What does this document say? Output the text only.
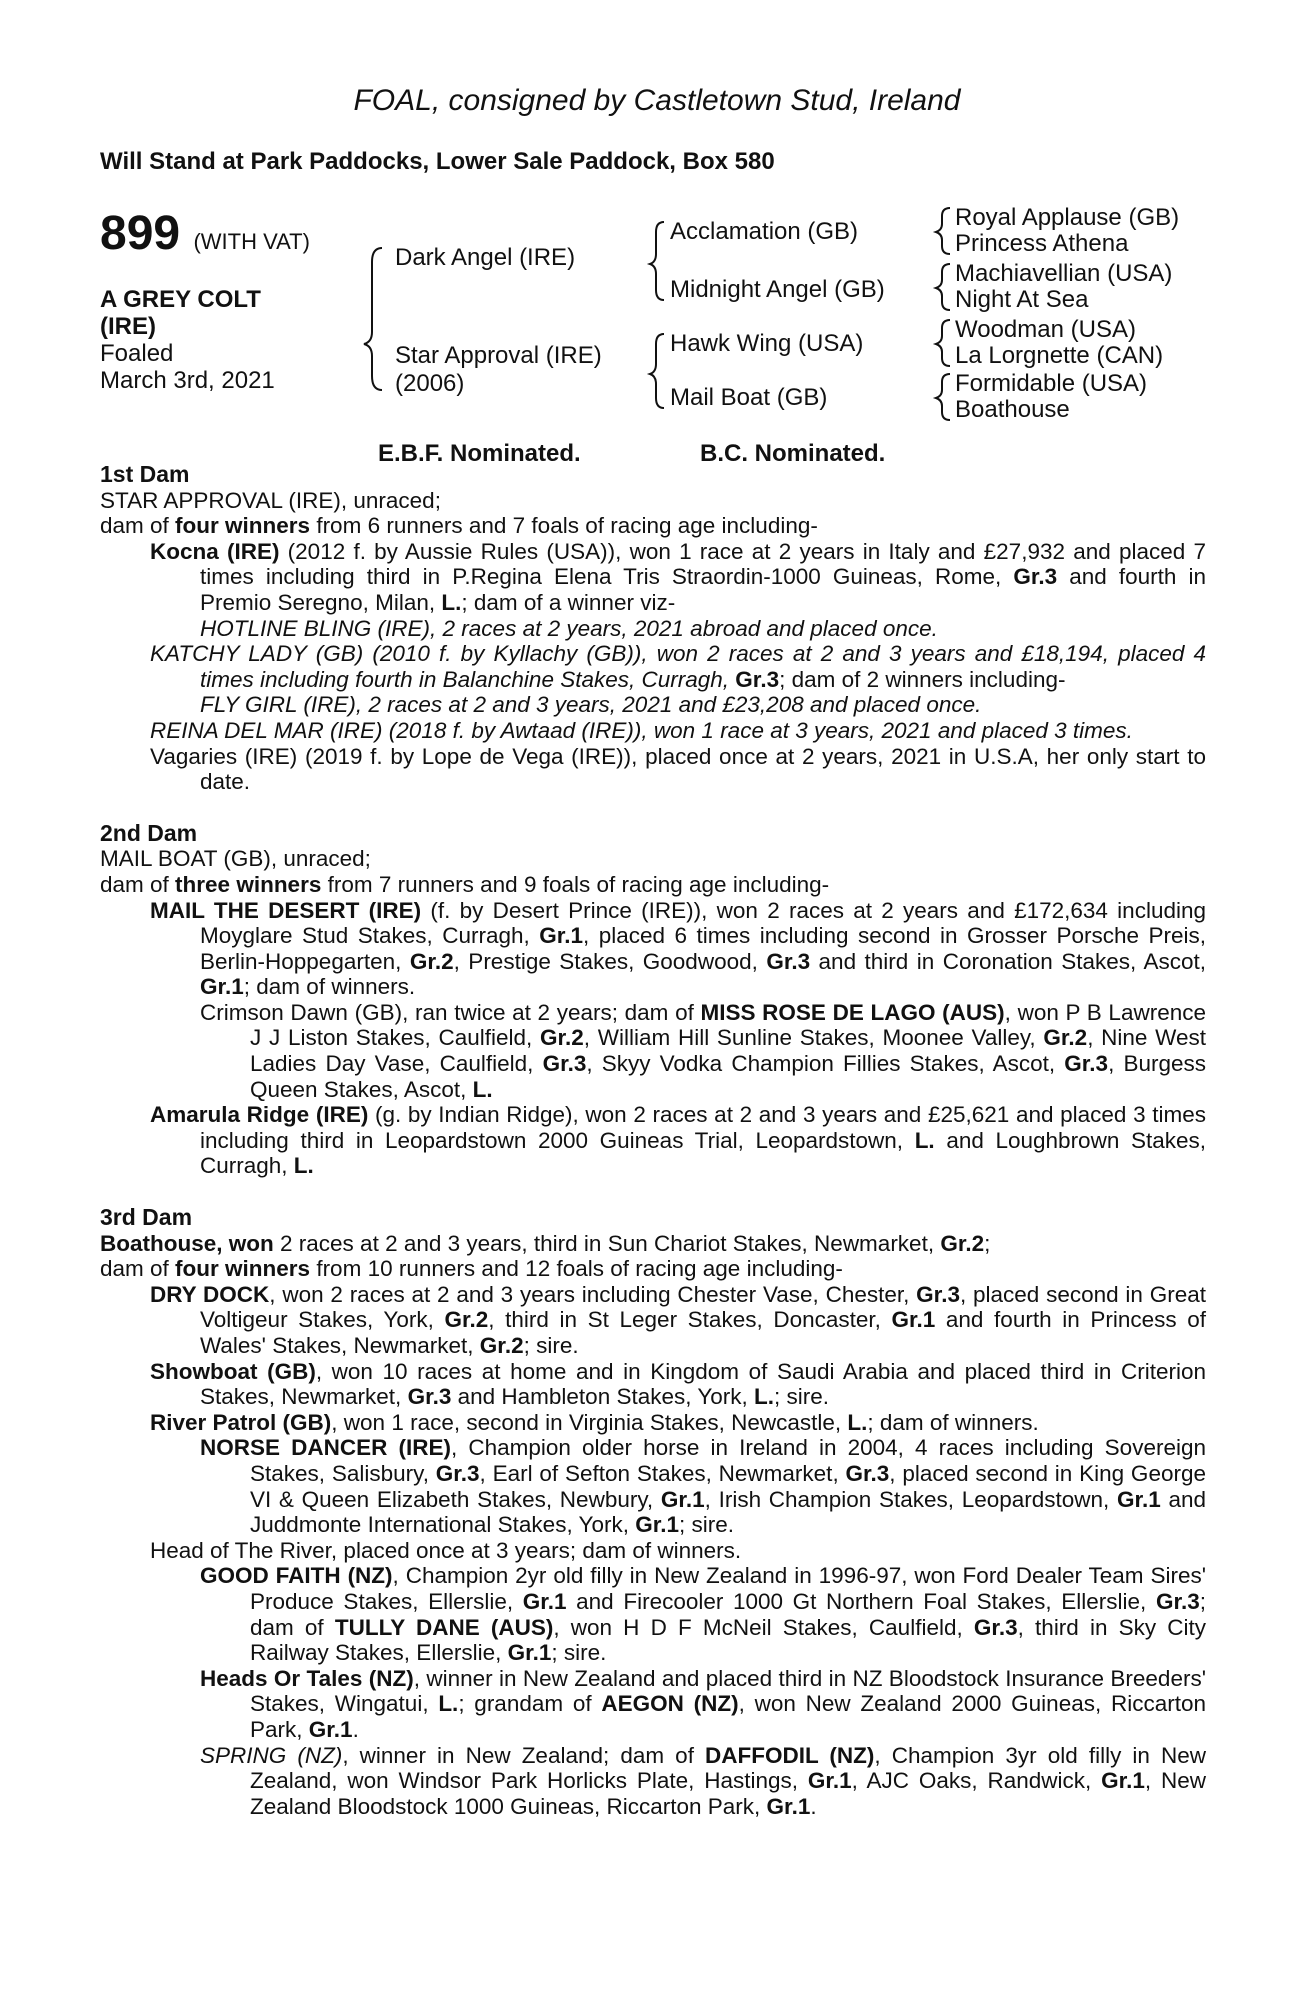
FOAL, consigned by Castletown Stud, Ireland
Will Stand at Park Paddocks, Lower Sale Paddock, Box 580
899 (WITH VAT)
A GREY COLT
(IRE)
Foaled
March 3rd, 2021
Dark Angel (IRE)
Star Approval (IRE)
(2006)
Acclamation (GB)
Midnight Angel (GB)
Hawk Wing (USA)
Mail Boat (GB)
Royal Applause (GB)
Princess Athena
Machiavellian (USA)
Night At Sea
Woodman (USA)
La Lorgnette (CAN)
Formidable (USA)
Boathouse
E.B.F. Nominated.	B.C. Nominated.

1st Dam

STAR APPROVAL (IRE), unraced;

dam of four winners from 6 runners and 7 foals of racing age including-

Kocna (IRE) (2012 f. by Aussie Rules (USA)), won 1 race at 2 years in Italy and £27,932 and placed 7 times including third in P.Regina Elena Tris Straordin-1000 Guineas, Rome, Gr.3 and fourth in Premio Seregno, Milan, L.; dam of a winner viz-

HOTLINE BLING (IRE), 2 races at 2 years, 2021 abroad and placed once.

KATCHY LADY (GB) (2010 f. by Kyllachy (GB)), won 2 races at 2 and 3 years and £18,194, placed 4 times including fourth in Balanchine Stakes, Curragh, Gr.3; dam of 2 winners including-

FLY GIRL (IRE), 2 races at 2 and 3 years, 2021 and £23,208 and placed once.

REINA DEL MAR (IRE) (2018 f. by Awtaad (IRE)), won 1 race at 3 years, 2021 and placed 3 times.

Vagaries (IRE) (2019 f. by Lope de Vega (IRE)), placed once at 2 years, 2021 in U.S.A, her only start to date.

2nd Dam

MAIL BOAT (GB), unraced;

dam of three winners from 7 runners and 9 foals of racing age including-

MAIL THE DESERT (IRE) (f. by Desert Prince (IRE)), won 2 races at 2 years and £172,634 including Moyglare Stud Stakes, Curragh, Gr.1, placed 6 times including second in Grosser Porsche Preis, Berlin-Hoppegarten, Gr.2, Prestige Stakes, Goodwood, Gr.3 and third in Coronation Stakes, Ascot, Gr.1; dam of winners.

Crimson Dawn (GB), ran twice at 2 years; dam of MISS ROSE DE LAGO (AUS), won P B Lawrence J J Liston Stakes, Caulfield, Gr.2, William Hill Sunline Stakes, Moonee Valley, Gr.2, Nine West Ladies Day Vase, Caulfield, Gr.3, Skyy Vodka Champion Fillies Stakes, Ascot, Gr.3, Burgess Queen Stakes, Ascot, L.

Amarula Ridge (IRE) (g. by Indian Ridge), won 2 races at 2 and 3 years and £25,621 and placed 3 times including third in Leopardstown 2000 Guineas Trial, Leopardstown, L. and Loughbrown Stakes, Curragh, L.

3rd Dam

Boathouse, won 2 races at 2 and 3 years, third in Sun Chariot Stakes, Newmarket, Gr.2;

dam of four winners from 10 runners and 12 foals of racing age including-

DRY DOCK, won 2 races at 2 and 3 years including Chester Vase, Chester, Gr.3, placed second in Great Voltigeur Stakes, York, Gr.2, third in St Leger Stakes, Doncaster, Gr.1 and fourth in Princess of Wales' Stakes, Newmarket, Gr.2; sire.

Showboat (GB), won 10 races at home and in Kingdom of Saudi Arabia and placed third in Criterion Stakes, Newmarket, Gr.3 and Hambleton Stakes, York, L.; sire.

River Patrol (GB), won 1 race, second in Virginia Stakes, Newcastle, L.; dam of winners.

NORSE DANCER (IRE), Champion older horse in Ireland in 2004, 4 races including Sovereign Stakes, Salisbury, Gr.3, Earl of Sefton Stakes, Newmarket, Gr.3, placed second in King George VI & Queen Elizabeth Stakes, Newbury, Gr.1, Irish Champion Stakes, Leopardstown, Gr.1 and Juddmonte International Stakes, York, Gr.1; sire.

Head of The River, placed once at 3 years; dam of winners.

GOOD FAITH (NZ), Champion 2yr old filly in New Zealand in 1996-97, won Ford Dealer Team Sires' Produce Stakes, Ellerslie, Gr.1 and Firecooler 1000 Gt Northern Foal Stakes, Ellerslie, Gr.3; dam of TULLY DANE (AUS), won H D F McNeil Stakes, Caulfield, Gr.3, third in Sky City Railway Stakes, Ellerslie, Gr.1; sire.

Heads Or Tales (NZ), winner in New Zealand and placed third in NZ Bloodstock Insurance Breeders' Stakes, Wingatui, L.; grandam of AEGON (NZ), won New Zealand 2000 Guineas, Riccarton Park, Gr.1.

SPRING (NZ), winner in New Zealand; dam of DAFFODIL (NZ), Champion 3yr old filly in New Zealand, won Windsor Park Horlicks Plate, Hastings, Gr.1, AJC Oaks, Randwick, Gr.1, New Zealand Bloodstock 1000 Guineas, Riccarton Park, Gr.1.
